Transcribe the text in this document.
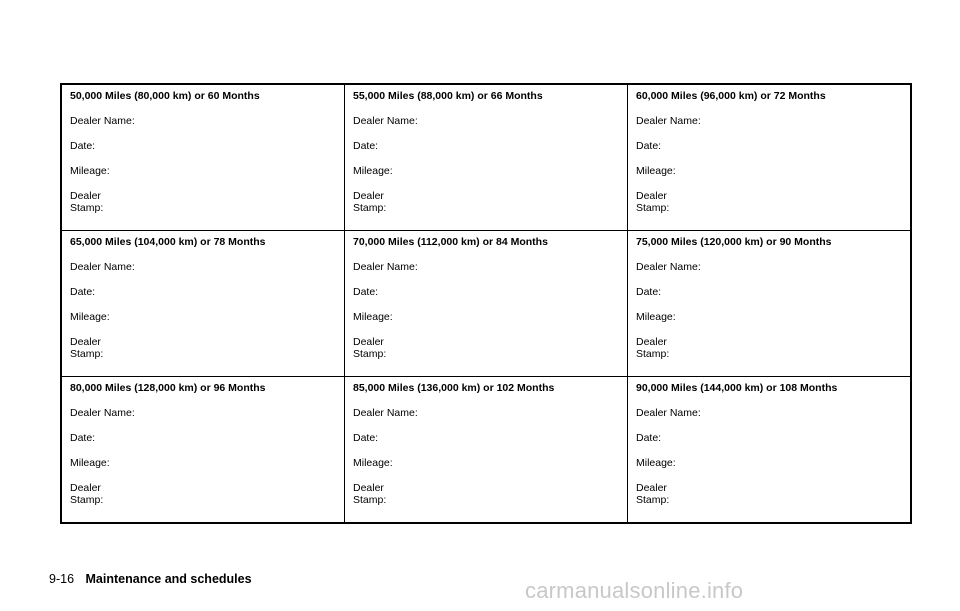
50,000 Miles (80,000 km) or 60 Months
Dealer Name:
Date:
Mileage:
Dealer
Stamp:
55,000 Miles (88,000 km) or 66 Months
Dealer Name:
Date:
Mileage:
Dealer
Stamp:
60,000 Miles (96,000 km) or 72 Months
Dealer Name:
Date:
Mileage:
Dealer
Stamp:
65,000 Miles (104,000 km) or 78 Months
Dealer Name:
Date:
Mileage:
Dealer
Stamp:
70,000 Miles (112,000 km) or 84 Months
Dealer Name:
Date:
Mileage:
Dealer
Stamp:
75,000 Miles (120,000 km) or 90 Months
Dealer Name:
Date:
Mileage:
Dealer
Stamp:
80,000 Miles (128,000 km) or 96 Months
Dealer Name:
Date:
Mileage:
Dealer
Stamp:
85,000 Miles (136,000 km) or 102 Months
Dealer Name:
Date:
Mileage:
Dealer
Stamp:
90,000 Miles (144,000 km) or 108 Months
Dealer Name:
Date:
Mileage:
Dealer
Stamp:
9-16 Maintenance and schedules	carmanualsonline.info
